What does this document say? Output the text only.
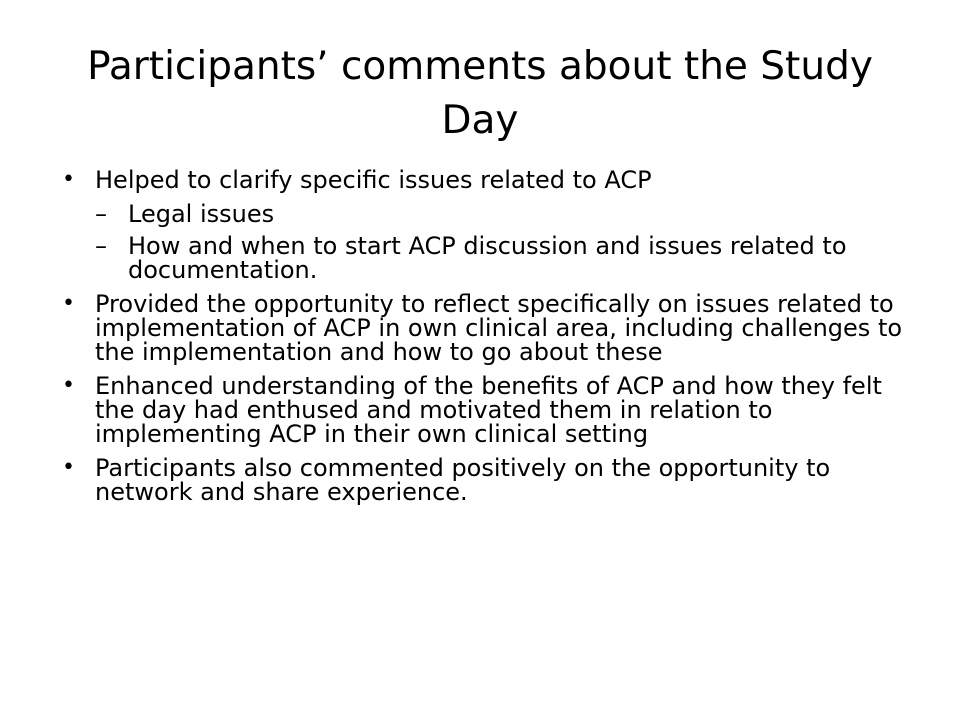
Participants’ comments about the Study Day
• Helped to clarify specific issues related to ACP
– Legal issues
– How and when to start ACP discussion and issues related to documentation.
• Provided the opportunity to reflect specifically on issues related to implementation of ACP in own clinical area, including challenges to the implementation and how to go about these
• Enhanced understanding of the benefits of ACP and how they felt the day had enthused and motivated them in relation to implementing ACP in their own clinical setting
• Participants also commented positively on the opportunity to network and share experience.
